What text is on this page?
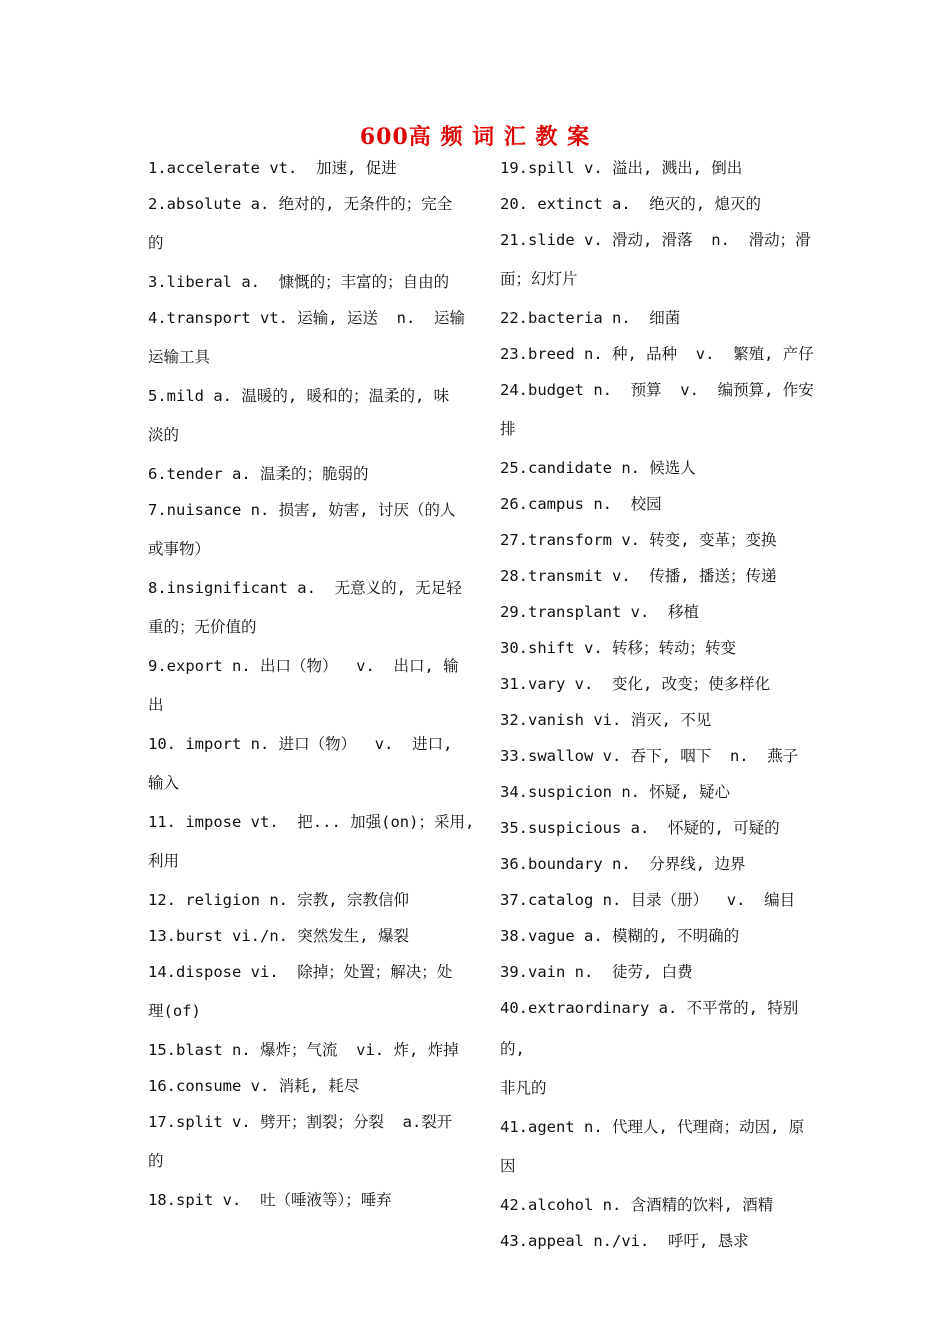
600高 频 词 汇 教 案

1.accelerate vt.  加速, 促进

2.absolute a. 绝对的, 无条件的；完全

的

3.liberal a.  慷慨的；丰富的；自由的

4.transport vt. 运输, 运送  n.  运输

运输工具

5.mild a. 温暖的, 暖和的；温柔的, 味

淡的

6.tender a. 温柔的；脆弱的

7.nuisance n. 损害, 妨害, 讨厌（的人

或事物）

8.insignificant a.  无意义的, 无足轻

重的；无价值的

9.export n. 出口（物）  v.  出口, 输

出

10. import n. 进口（物）  v.  进口,

输入

11. impose vt.  把... 加强(on)；采用,

利用

12. religion n. 宗教, 宗教信仰

13.burst vi./n. 突然发生, 爆裂

14.dispose vi.  除掉；处置；解决；处

理(of)

15.blast n. 爆炸；气流  vi. 炸, 炸掉

16.consume v. 消耗, 耗尽

17.split v. 劈开；割裂；分裂  a.裂开

的

18.spit v.  吐（唾液等）；唾弃

19.spill v. 溢出, 溅出, 倒出

20. extinct a.  绝灭的, 熄灭的

21.slide v. 滑动, 滑落  n.  滑动；滑

面；幻灯片

22.bacteria n.  细菌

23.breed n. 种, 品种  v.  繁殖, 产仔

24.budget n.  预算  v.  编预算, 作安

排

25.candidate n. 候选人

26.campus n.  校园

27.transform v. 转变, 变革；变换

28.transmit v.  传播, 播送；传递

29.transplant v.  移植

30.shift v. 转移；转动；转变

31.vary v.  变化, 改变；使多样化

32.vanish vi. 消灭, 不见

33.swallow v. 吞下, 咽下  n.  燕子

34.suspicion n. 怀疑, 疑心

35.suspicious a.  怀疑的, 可疑的

36.boundary n.  分界线, 边界

37.catalog n. 目录（册）  v.  编目

38.vague a. 模糊的, 不明确的

39.vain n.  徒劳, 白费

40.extraordinary a. 不平常的, 特别的,

非凡的

41.agent n. 代理人, 代理商；动因, 原

因

42.alcohol n. 含酒精的饮料, 酒精

43.appeal n./vi.  呼吁, 恳求
